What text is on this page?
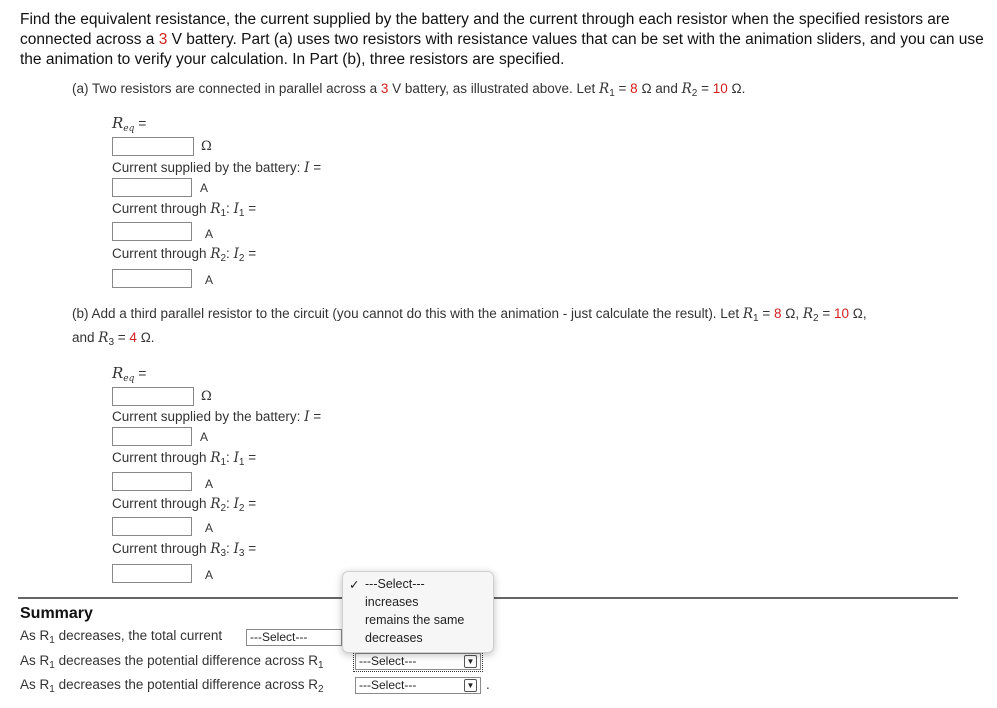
Find the equivalent resistance, the current supplied by the battery and the current through each resistor when the specified resistors are connected across a 3 V battery. Part (a) uses two resistors with resistance values that can be set with the animation sliders, and you can use the animation to verify your calculation. In Part (b), three resistors are specified.
(a) Two resistors are connected in parallel across a 3 V battery, as illustrated above. Let $R_1 = 8$ Ω and $R_2 = 10$ Ω.
$R_{eq}$ =
Ω
Current supplied by the battery: I =
A
Current through $R_1$: $I_1$ =
A
Current through $R_2$: $I_2$ =
A
(b) Add a third parallel resistor to the circuit (you cannot do this with the animation - just calculate the result). Let $R_1 = 8$ Ω, $R_2 = 10$ Ω,
and $R_3 = 4$ Ω.
$R_{eq}$ =
Ω
Current supplied by the battery: I =
A
Current through $R_1$: $I_1$ =
A
Current through $R_2$: $I_2$ =
A
Current through $R_3$: $I_3$ =
A
Summary
As $R_1$ decreases, the total current	---Select---
As $R_1$ decreases the potential difference across $R_1$	---Select---	▼
As $R_1$ decreases the potential difference across $R_2$	---Select---	▼ .
✓ ---Select---
increases
remains the same
decreases
